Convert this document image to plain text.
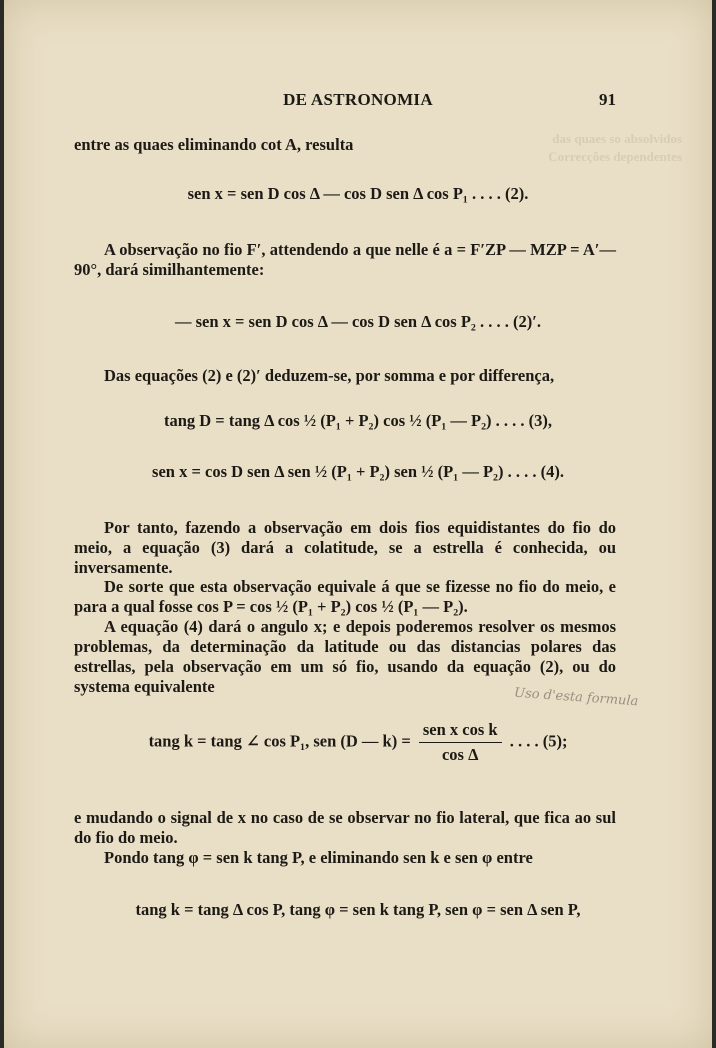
das quaes so absolvidos
Correcções dependentes
DE ASTRONOMIA	91
entre as quaes eliminando cot A, resulta
sen x = sen D cos Δ — cos D sen Δ cos P₁ . . . . (2).
A observação no fio F′, attendendo a que nelle é a = F′ZP — MZP = A′— 90°, dará similhantemente:
— sen x = sen D cos Δ — cos D sen Δ cos P₂ . . . . (2)′.
Das equações (2) e (2)′ deduzem-se, por somma e por differença,
tang D = tang Δ cos ½ (P₁ + P₂) cos ½ (P₁ — P₂) . . . . (3),
sen x = cos D sen Δ sen ½ (P₁ + P₂) sen ½ (P₁ — P₂) . . . . (4).
Por tanto, fazendo a observação em dois fios equidistantes do fio do meio, a equação (3) dará a colatitude, se a estrella é conhecida, ou inversamente.
De sorte que esta observação equivale á que se fizesse no fio do meio, e para a qual fosse cos P = cos ½ (P₁ + P₂) cos ½ (P₁ — P₂).
A equação (4) dará o angulo x; e depois poderemos resolver os mesmos problemas, da determinação da latitude ou das distancias polares das estrellas, pela observação em um só fio, usando da equação (2), ou do systema equivalente
tang k = tang ∠ cos P₁, sen (D — $k) = \frac{\text{sen x cos k}}{\text{cos Δ}}$ . . . . (5);
Uso d'esta formula
e mudando o signal de x no caso de se observar no fio lateral, que fica ao sul do fio do meio.
Pondo tang φ = sen k tang P, e eliminando sen k e sen φ entre
tang k = tang Δ cos P, tang φ = sen k tang P, sen φ = sen Δ sen P,
